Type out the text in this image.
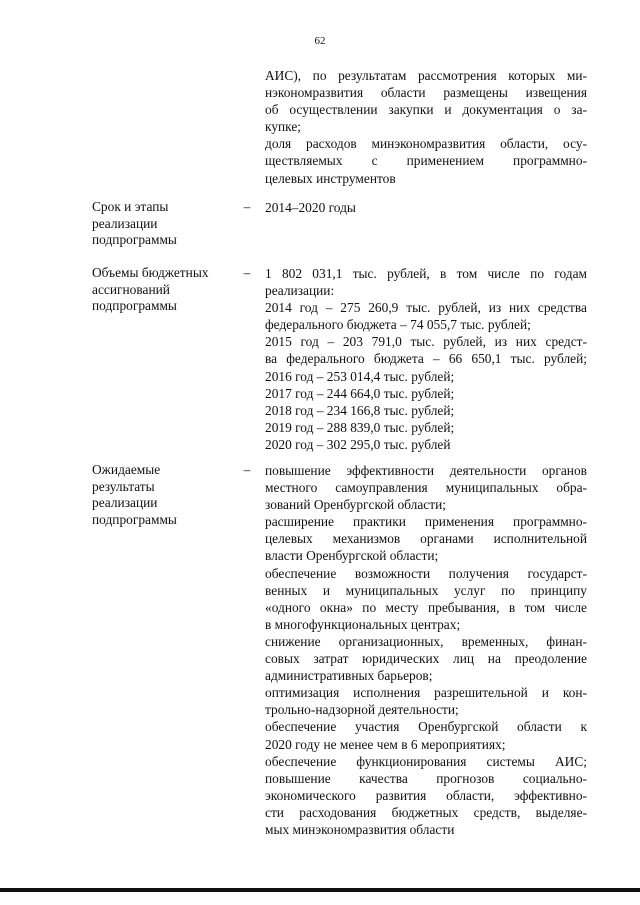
62
АИС), по результатам рассмотрения которых ми-
нэкономразвития области размещены извещения
об осуществлении закупки и документация о за-
купке;
доля расходов минэкономразвития области, осу-
ществляемых с применением программно-
целевых инструментов
Срок и этапы
реализации
подпрограммы
– 2014–2020 годы
Объемы бюджетных
ассигнований
подпрограммы
– 1 802 031,1 тыс. рублей, в том числе по годам
реализации:
2014 год – 275 260,9 тыс. рублей, из них средства
федерального бюджета – 74 055,7 тыс. рублей;
2015 год – 203 791,0 тыс. рублей, из них средст-
ва федерального бюджета – 66 650,1 тыс. рублей;
2016 год – 253 014,4 тыс. рублей;
2017 год – 244 664,0 тыс. рублей;
2018 год – 234 166,8 тыс. рублей;
2019 год – 288 839,0 тыс. рублей;
2020 год – 302 295,0 тыс. рублей
Ожидаемые
результаты
реализации
подпрограммы
– повышение эффективности деятельности органов
местного самоуправления муниципальных обра-
зований Оренбургской области;
расширение практики применения программно-
целевых механизмов органами исполнительной
власти Оренбургской области;
обеспечение возможности получения государст-
венных и муниципальных услуг по принципу
«одного окна» по месту пребывания, в том числе
в многофункциональных центрах;
снижение организационных, временных, финан-
совых затрат юридических лиц на преодоление
административных барьеров;
оптимизация исполнения разрешительной и кон-
трольно-надзорной деятельности;
обеспечение участия Оренбургской области к
2020 году не менее чем в 6 мероприятиях;
обеспечение функционирования системы АИС;
повышение качества прогнозов социально-
экономического развития области, эффективно-
сти расходования бюджетных средств, выделяе-
мых минэкономразвития области
